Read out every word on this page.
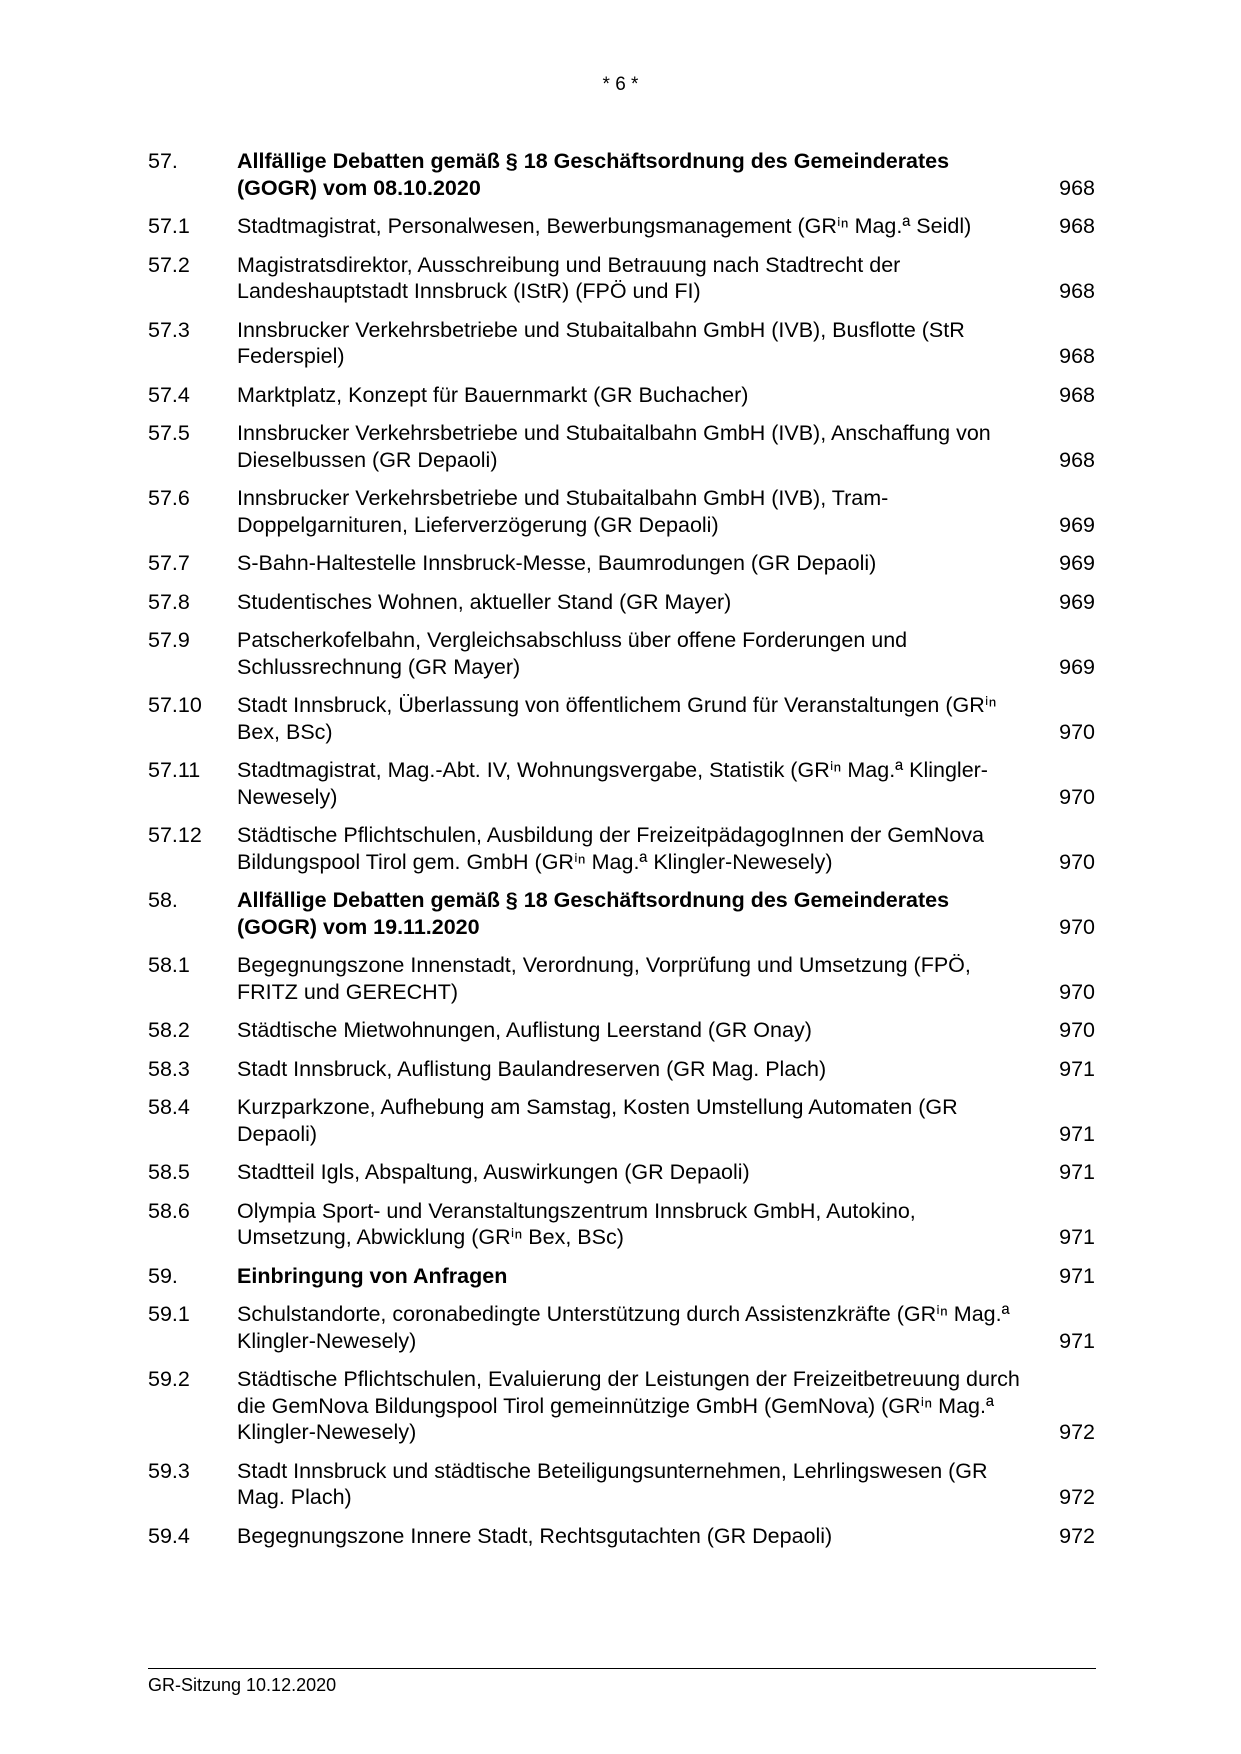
* 6 *
57.	Allfällige Debatten gemäß § 18 Geschäftsordnung des Gemeinderates (GOGR) vom 08.10.2020	968
57.1	Stadtmagistrat, Personalwesen, Bewerbungsmanagement (GRⁱⁿ Mag.ª Seidl)	968
57.2	Magistratsdirektor, Ausschreibung und Betrauung nach Stadtrecht der Landeshauptstadt Innsbruck (IStR) (FPÖ und FI)	968
57.3	Innsbrucker Verkehrsbetriebe und Stubaitalbahn GmbH (IVB), Busflotte (StR Federspiel)	968
57.4	Marktplatz, Konzept für Bauernmarkt (GR Buchacher)	968
57.5	Innsbrucker Verkehrsbetriebe und Stubaitalbahn GmbH (IVB), Anschaffung von Dieselbussen (GR Depaoli)	968
57.6	Innsbrucker Verkehrsbetriebe und Stubaitalbahn GmbH (IVB), Tram-Doppelgarnituren, Lieferverzögerung (GR Depaoli)	969
57.7	S-Bahn-Haltestelle Innsbruck-Messe, Baumrodungen (GR Depaoli)	969
57.8	Studentisches Wohnen, aktueller Stand (GR Mayer)	969
57.9	Patscherkofelbahn, Vergleichsabschluss über offene Forderungen und Schlussrechnung (GR Mayer)	969
57.10	Stadt Innsbruck, Überlassung von öffentlichem Grund für Veranstaltungen (GRⁱⁿ Bex, BSc)	970
57.11	Stadtmagistrat, Mag.-Abt. IV, Wohnungsvergabe, Statistik (GRⁱⁿ Mag.ª Klingler-Newesely)	970
57.12	Städtische Pflichtschulen, Ausbildung der FreizeitpädagogInnen der GemNova Bildungspool Tirol gem. GmbH (GRⁱⁿ Mag.ª Klingler-Newesely)	970
58.	Allfällige Debatten gemäß § 18 Geschäftsordnung des Gemeinderates (GOGR) vom 19.11.2020	970
58.1	Begegnungszone Innenstadt, Verordnung, Vorprüfung und Umsetzung (FPÖ, FRITZ und GERECHT)	970
58.2	Städtische Mietwohnungen, Auflistung Leerstand (GR Onay)	970
58.3	Stadt Innsbruck, Auflistung Baulandreserven (GR Mag. Plach)	971
58.4	Kurzparkzone, Aufhebung am Samstag, Kosten Umstellung Automaten (GR Depaoli)	971
58.5	Stadtteil Igls, Abspaltung, Auswirkungen (GR Depaoli)	971
58.6	Olympia Sport- und Veranstaltungszentrum Innsbruck GmbH, Autokino, Umsetzung, Abwicklung (GRⁱⁿ Bex, BSc)	971
59.	Einbringung von Anfragen	971
59.1	Schulstandorte, coronabedingte Unterstützung durch Assistenzkräfte (GRⁱⁿ Mag.ª Klingler-Newesely)	971
59.2	Städtische Pflichtschulen, Evaluierung der Leistungen der Freizeitbetreuung durch die GemNova Bildungspool Tirol gemeinnützige GmbH (GemNova) (GRⁱⁿ Mag.ª Klingler-Newesely)	972
59.3	Stadt Innsbruck und städtische Beteiligungsunternehmen, Lehrlingswesen (GR Mag. Plach)	972
59.4	Begegnungszone Innere Stadt, Rechtsgutachten (GR Depaoli)	972
GR-Sitzung 10.12.2020
